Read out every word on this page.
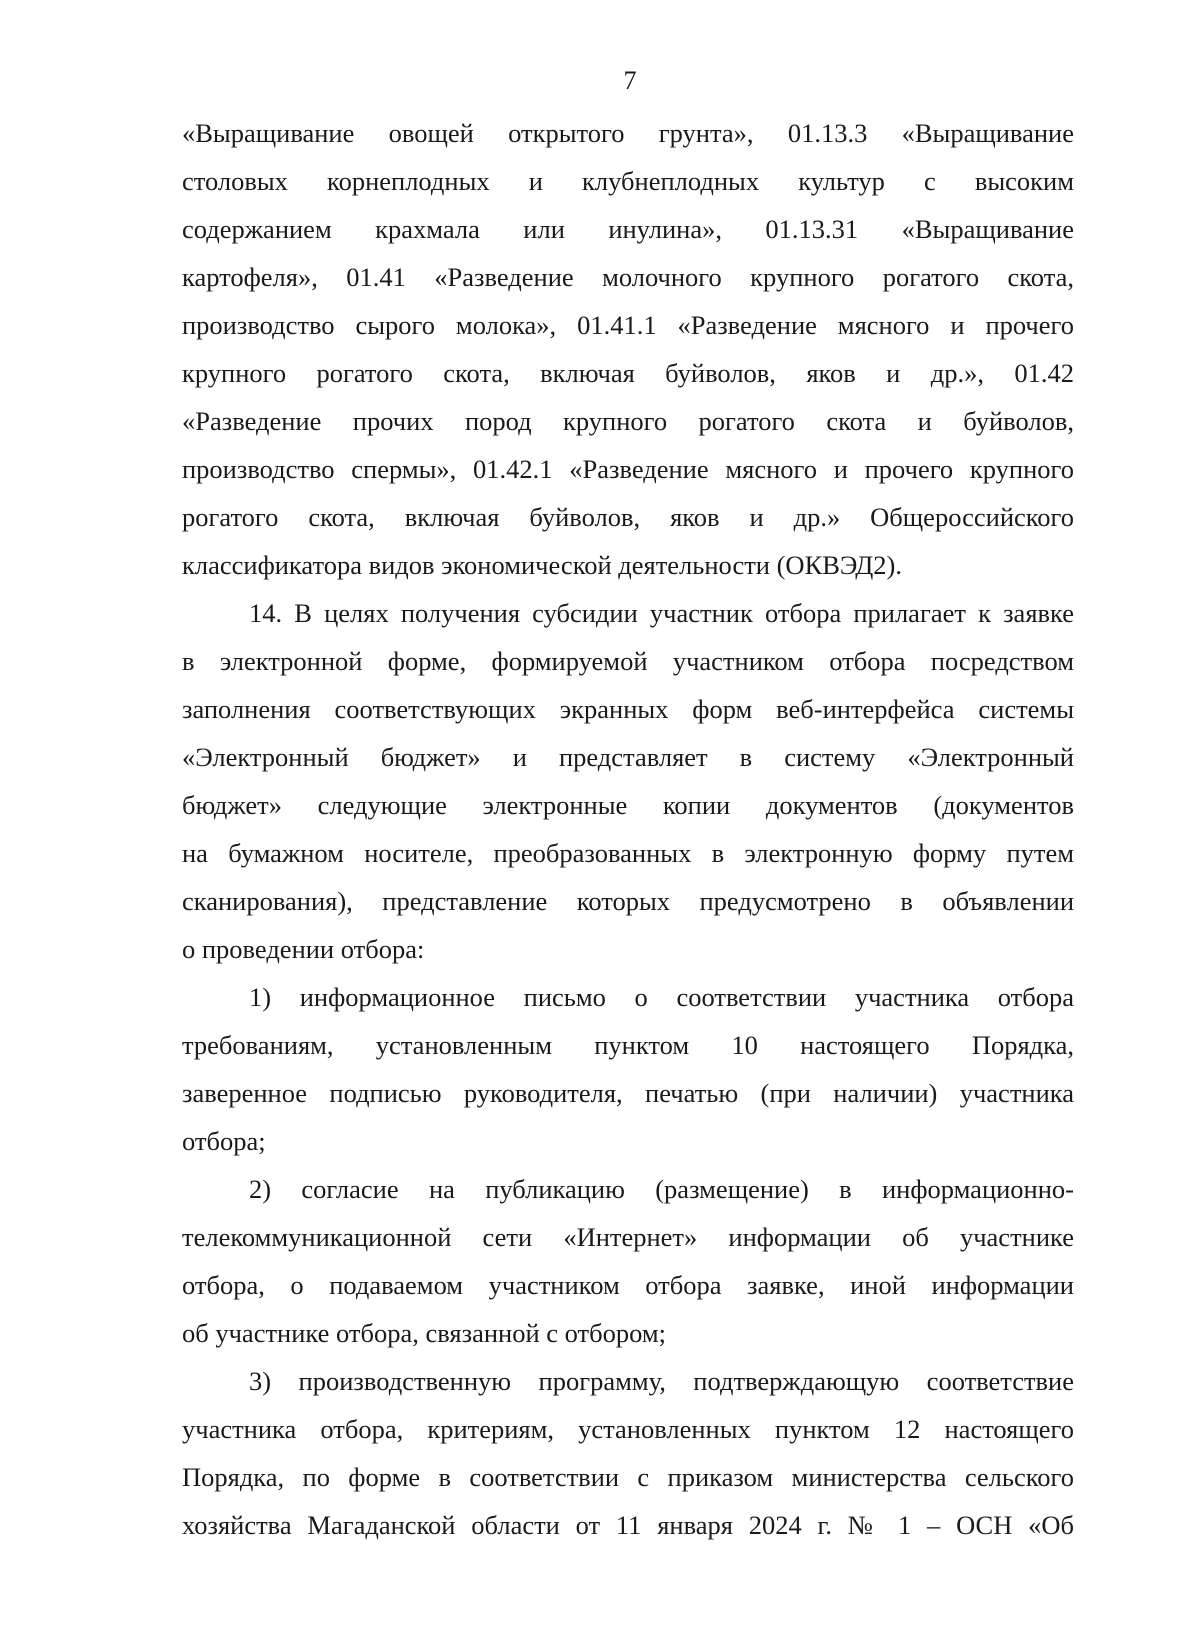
7
«Выращивание овощей открытого грунта», 01.13.3 «Выращивание
столовых корнеплодных и клубнеплодных культур с высоким
содержанием крахмала или инулина», 01.13.31 «Выращивание
картофеля», 01.41 «Разведение молочного крупного рогатого скота,
производство сырого молока», 01.41.1 «Разведение мясного и прочего
крупного рогатого скота, включая буйволов, яков и др.», 01.42
«Разведение прочих пород крупного рогатого скота и буйволов,
производство спермы», 01.42.1 «Разведение мясного и прочего крупного
рогатого скота, включая буйволов, яков и др.» Общероссийского
классификатора видов экономической деятельности (ОКВЭД2).
14. В целях получения субсидии участник отбора прилагает к заявке
в электронной форме, формируемой участником отбора посредством
заполнения соответствующих экранных форм веб-интерфейса системы
«Электронный бюджет» и представляет в систему «Электронный
бюджет» следующие электронные копии документов (документов
на бумажном носителе, преобразованных в электронную форму путем
сканирования), представление которых предусмотрено в объявлении
о проведении отбора:
1) информационное письмо о соответствии участника отбора
требованиям, установленным пунктом 10 настоящего Порядка,
заверенное подписью руководителя, печатью (при наличии) участника
отбора;
2) согласие на публикацию (размещение) в информационно-
телекоммуникационной сети «Интернет» информации об участнике
отбора, о подаваемом участником отбора заявке, иной информации
об участнике отбора, связанной с отбором;
3) производственную программу, подтверждающую соответствие
участника отбора, критериям, установленных пунктом 12 настоящего
Порядка, по форме в соответствии с приказом министерства сельского
хозяйства Магаданской области от 11 января 2024 г. № 1 – ОСН «Об
